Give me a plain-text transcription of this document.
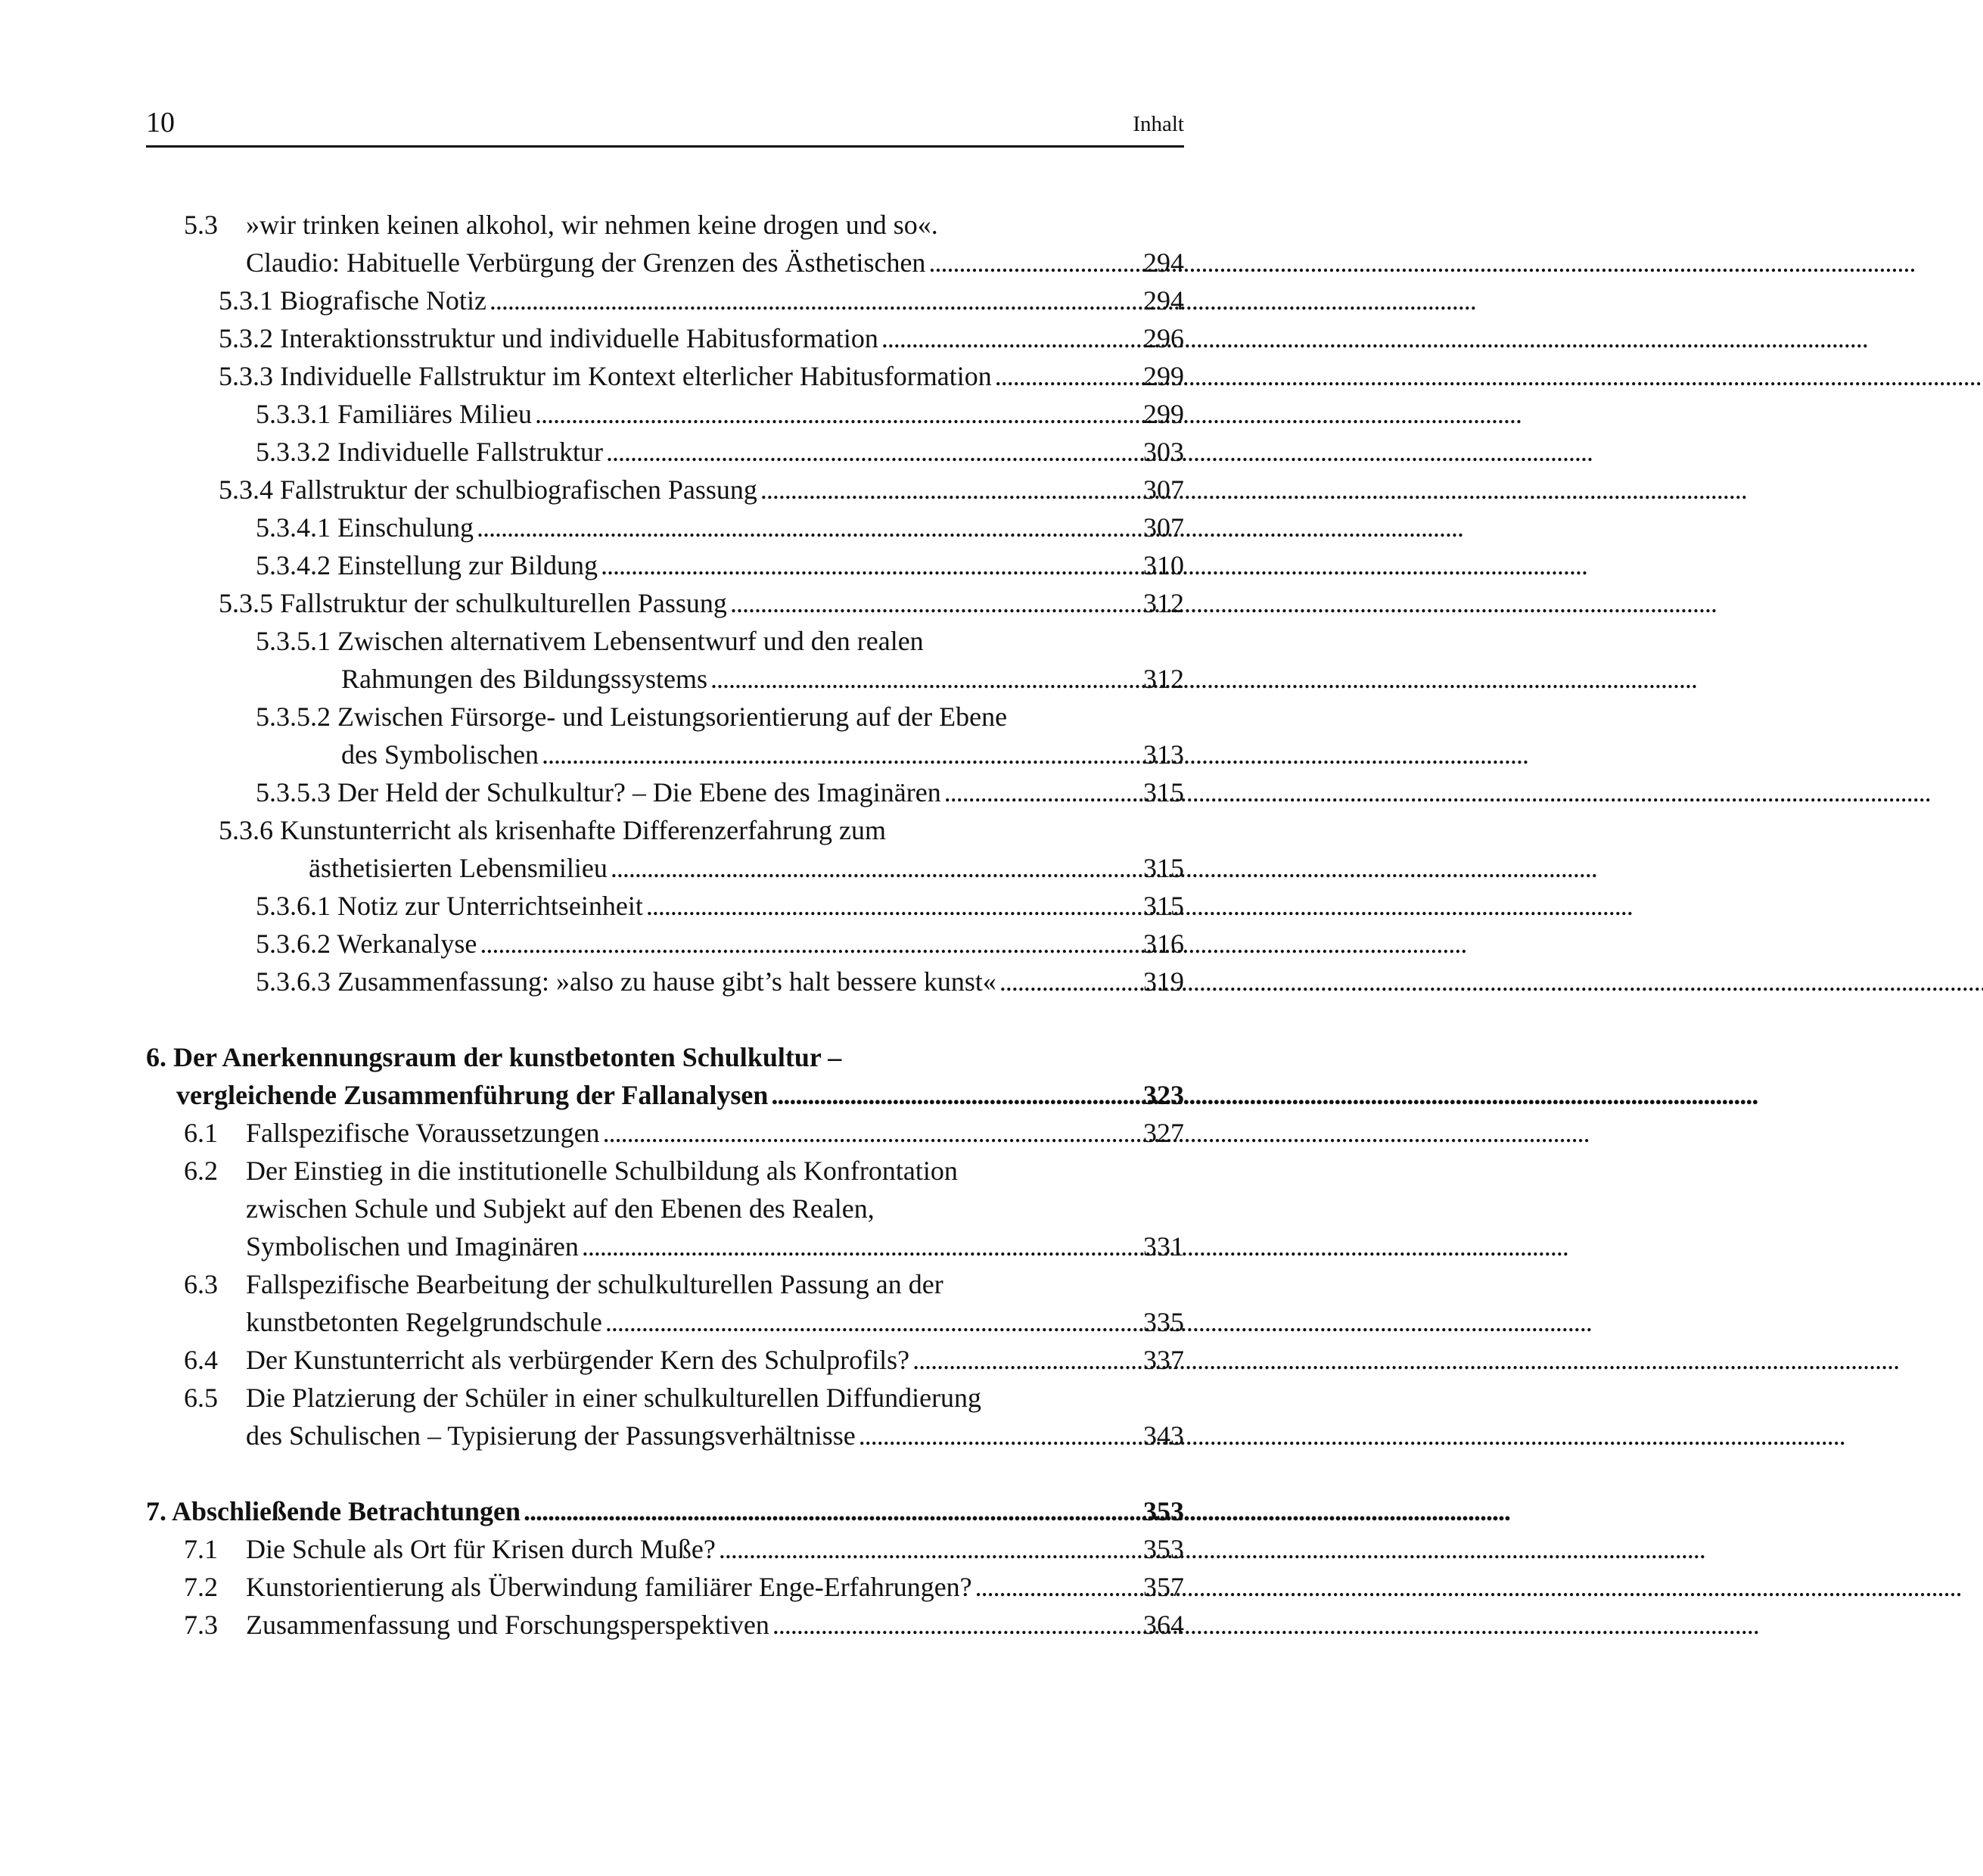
10	Inhalt
5.3	»wir trinken keinen alkohol, wir nehmen keine drogen und so«.
Claudio: Habituelle Verbürgung der Grenzen des Ästhetischen . . .	294
5.3.1 Biografische Notiz . . .	294
5.3.2 Interaktionsstruktur und individuelle Habitusformation . . .	296
5.3.3 Individuelle Fallstruktur im Kontext elterlicher Habitusformation . . .	299
5.3.3.1 Familiäres Milieu . . .	299
5.3.3.2 Individuelle Fallstruktur . . .	303
5.3.4 Fallstruktur der schulbiografischen Passung . . .	307
5.3.4.1 Einschulung . . .	307
5.3.4.2 Einstellung zur Bildung . . .	310
5.3.5 Fallstruktur der schulkulturellen Passung . . .	312
5.3.5.1 Zwischen alternativem Lebensentwurf und den realen
Rahmungen des Bildungssystems . . .	312
5.3.5.2 Zwischen Fürsorge- und Leistungsorientierung auf der Ebene
des Symbolischen . . .	313
5.3.5.3 Der Held der Schulkultur? – Die Ebene des Imaginären . . .	315
5.3.6 Kunstunterricht als krisenhafte Differenzerfahrung zum
ästhetisierten Lebensmilieu . . .	315
5.3.6.1 Notiz zur Unterrichtseinheit . . .	315
5.3.6.2 Werkanalyse . . .	316
5.3.6.3 Zusammenfassung: »also zu hause gibt’s halt bessere kunst« . . .	319
6. Der Anerkennungsraum der kunstbetonten Schulkultur –
vergleichende Zusammenführung der Fallanalysen . . .	323
6.1 Fallspezifische Voraussetzungen . . .	327
6.2	Der Einstieg in die institutionelle Schulbildung als Konfrontation
zwischen Schule und Subjekt auf den Ebenen des Realen,
Symbolischen und Imaginären . . .	331
6.3	Fallspezifische Bearbeitung der schulkulturellen Passung an der
kunstbetonten Regelgrundschule . . .	335
6.4 Der Kunstunterricht als verbürgender Kern des Schulprofils? . . .	337
6.5	Die Platzierung der Schüler in einer schulkulturellen Diffundierung
des Schulischen – Typisierung der Passungsverhältnisse . . .	343
7. Abschließende Betrachtungen . . .	353
7.1 Die Schule als Ort für Krisen durch Muße? . . .	353
7.2 Kunstorientierung als Überwindung familiärer Enge-Erfahrungen? . . .	357
7.3 Zusammenfassung und Forschungsperspektiven . . .	364
